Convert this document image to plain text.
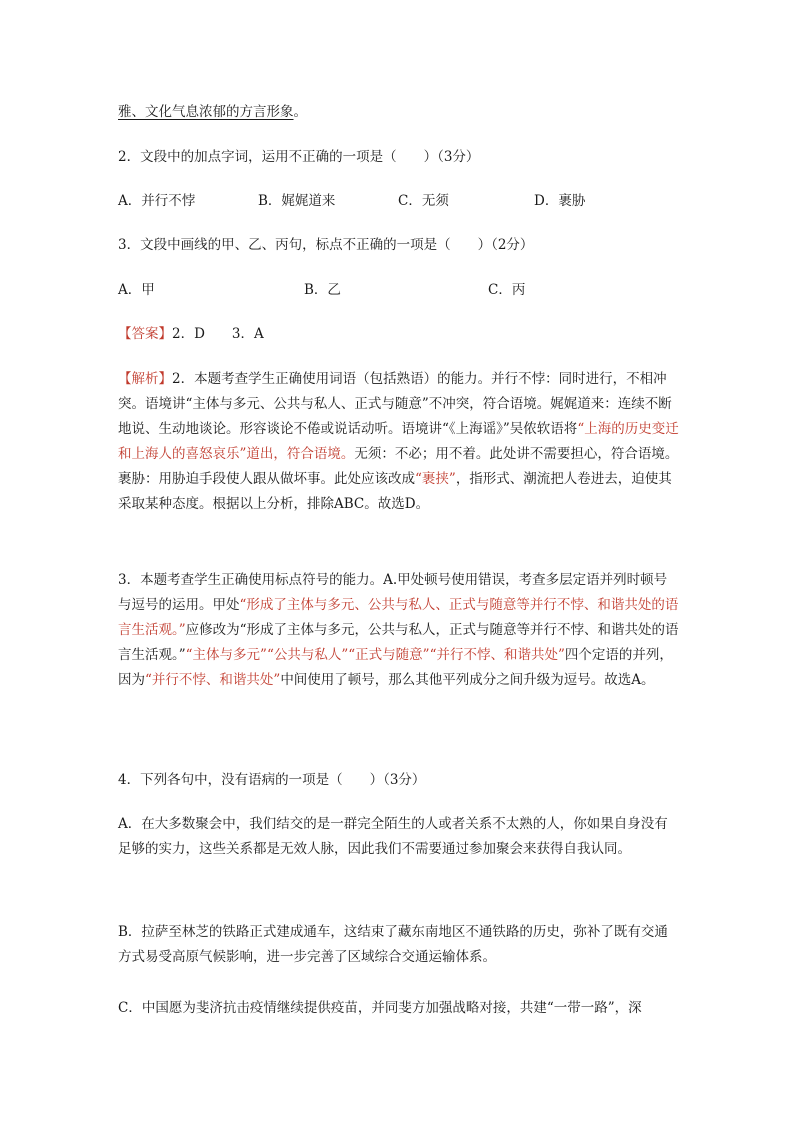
雅、文化气息浓郁的方言形象。
2．文段中的加点字词，运用不正确的一项是（　　）（3分）
A．并行不悖	B．娓娓道来	C．无须	D．裹胁
3．文段中画线的甲、乙、丙句，标点不正确的一项是（　　）（2分）
A．甲	B．乙	C．丙
【答案】2．D　　3．A
【解析】2．本题考查学生正确使用词语（包括熟语）的能力。并行不悖：同时进行，不相冲突。语境讲“主体与多元、公共与私人、正式与随意”不冲突，符合语境。娓娓道来：连续不断地说、生动地谈论。形容谈论不倦或说话动听。语境讲“《上海谣》”吴侬软语将“上海的历史变迁和上海人的喜怒哀乐”道出，符合语境。无须：不必；用不着。此处讲不需要担心，符合语境。裹胁：用胁迫手段使人跟从做坏事。此处应该改成“裹挟”，指形式、潮流把人卷进去，迫使其采取某种态度。根据以上分析，排除ABC。故选D。
3．本题考查学生正确使用标点符号的能力。A.甲处顿号使用错误，考查多层定语并列时顿号与逗号的运用。甲处“形成了主体与多元、公共与私人、正式与随意等并行不悖、和谐共处的语言生活观。”应修改为“形成了主体与多元，公共与私人，正式与随意等并行不悖、和谐共处的语言生活观。”“主体与多元”“公共与私人”“正式与随意”“并行不悖、和谐共处”四个定语的并列，因为“并行不悖、和谐共处”中间使用了顿号，那么其他平列成分之间升级为逗号。故选A。
4．下列各句中，没有语病的一项是（　　）（3分）
A．在大多数聚会中，我们结交的是一群完全陌生的人或者关系不太熟的人，你如果自身没有足够的实力，这些关系都是无效人脉，因此我们不需要通过参加聚会来获得自我认同。
B．拉萨至林芝的铁路正式建成通车，这结束了藏东南地区不通铁路的历史，弥补了既有交通方式易受高原气候影响，进一步完善了区域综合交通运输体系。
C．中国愿为斐济抗击疫情继续提供疫苗，并同斐方加强战略对接，共建“一带一路”，深
